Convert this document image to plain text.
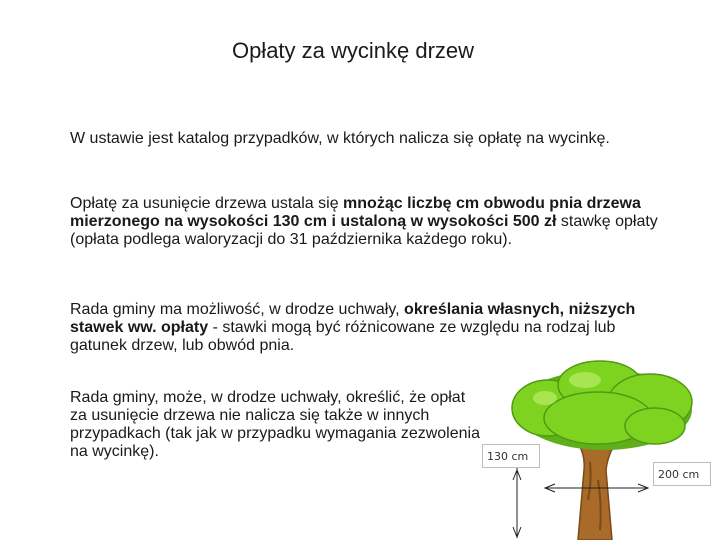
Opłaty za wycinkę drzew

W ustawie jest katalog przypadków, w których nalicza się opłatę na wycinkę.

Opłatę za usunięcie drzewa ustala się mnożąc liczbę cm obwodu pnia drzewa mierzonego na wysokości 130 cm i ustaloną w wysokości 500 zł stawkę opłaty (opłata podlega waloryzacji do 31 października każdego roku).

Rada gminy ma możliwość, w drodze uchwały, określania własnych, niższych stawek ww. opłaty - stawki mogą być różnicowane ze względu na rodzaj lub gatunek drzew, lub obwód pnia.

Rada gminy, może, w drodze uchwały, określić, że opłat za usunięcie drzewa nie nalicza się także w innych przypadkach (tak jak w przypadku wymagania zezwolenia na wycinkę).	130 cm
200 cm
